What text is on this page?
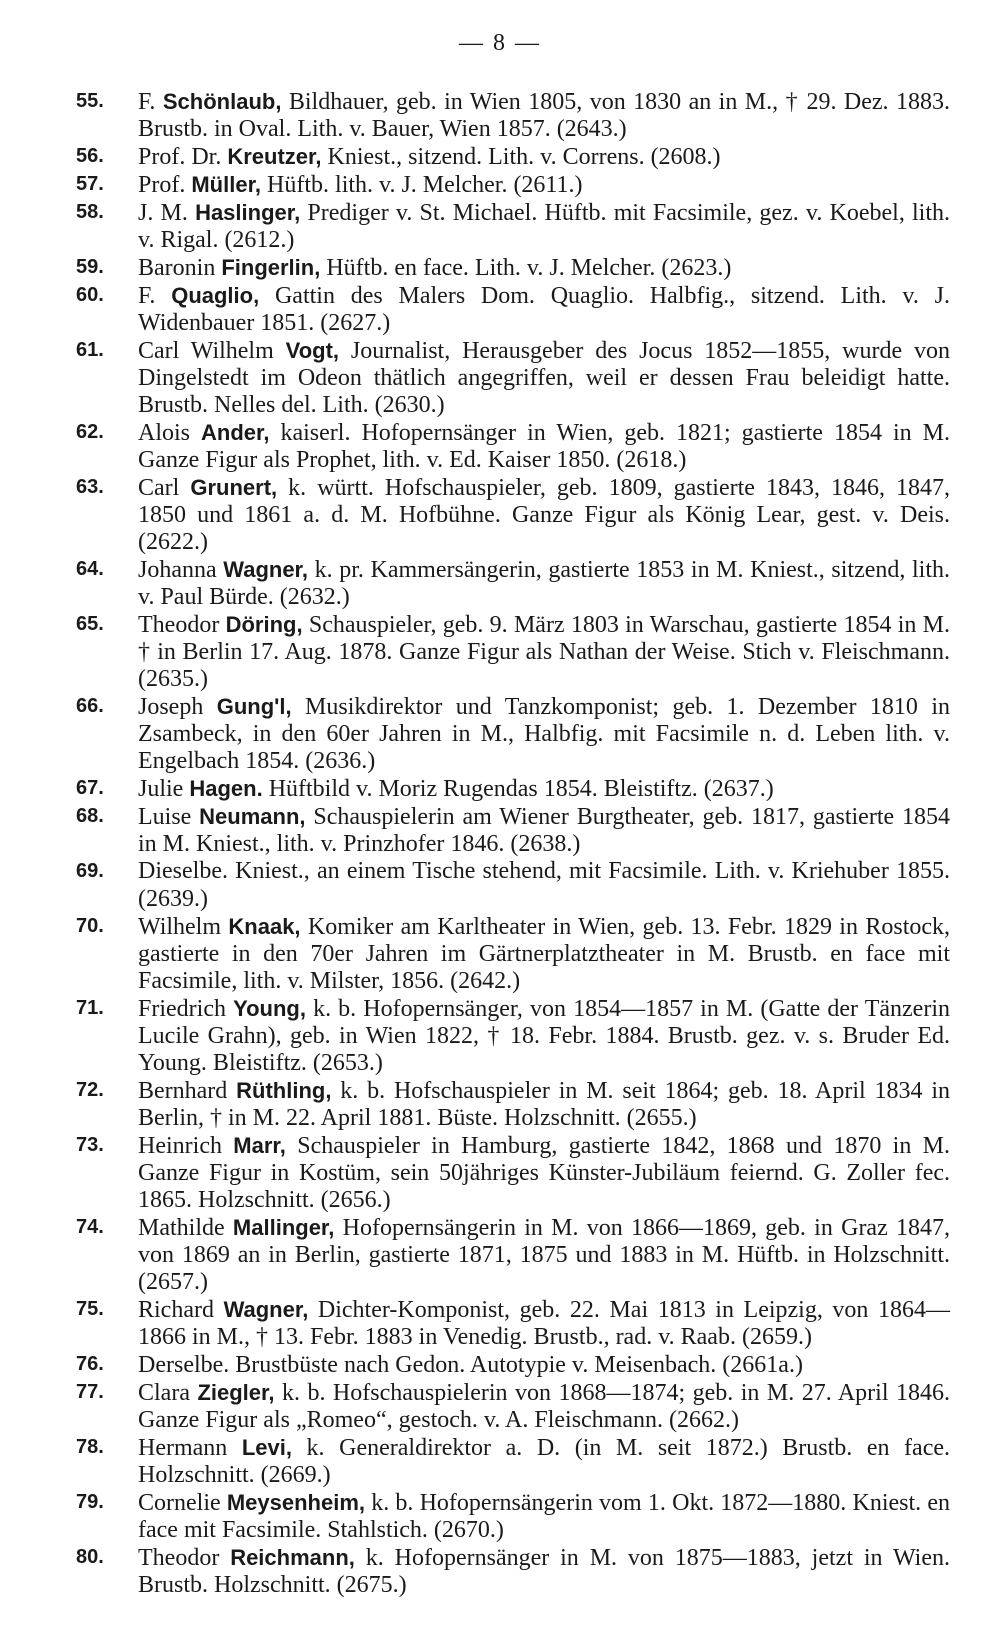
— 8 —
55. F. Schönlaub, Bildhauer, geb. in Wien 1805, von 1830 an in M., † 29. Dez. 1883. Brustb. in Oval. Lith. v. Bauer, Wien 1857. (2643.)
56. Prof. Dr. Kreutzer, Kniest., sitzend. Lith. v. Correns. (2608.)
57. Prof. Müller, Hüftb. lith. v. J. Melcher. (2611.)
58. J. M. Haslinger, Prediger v. St. Michael. Hüftb. mit Facsimile, gez. v. Koebel, lith. v. Rigal. (2612.)
59. Baronin Fingerlin, Hüftb. en face. Lith. v. J. Melcher. (2623.)
60. F. Quaglio, Gattin des Malers Dom. Quaglio. Halbfig., sitzend. Lith. v. J. Widenbauer 1851. (2627.)
61. Carl Wilhelm Vogt, Journalist, Herausgeber des Jocus 1852—1855, wurde von Dingelstedt im Odeon thätlich angegriffen, weil er dessen Frau beleidigt hatte. Brustb. Nelles del. Lith. (2630.)
62. Alois Ander, kaiserl. Hofopernsänger in Wien, geb. 1821; gastierte 1854 in M. Ganze Figur als Prophet, lith. v. Ed. Kaiser 1850. (2618.)
63. Carl Grunert, k. württ. Hofschauspieler, geb. 1809, gastierte 1843, 1846, 1847, 1850 und 1861 a. d. M. Hofbühne. Ganze Figur als König Lear, gest. v. Deis. (2622.)
64. Johanna Wagner, k. pr. Kammersängerin, gastierte 1853 in M. Kniest., sitzend, lith. v. Paul Bürde. (2632.)
65. Theodor Döring, Schauspieler, geb. 9. März 1803 in Warschau, gastierte 1854 in M. † in Berlin 17. Aug. 1878. Ganze Figur als Nathan der Weise. Stich v. Fleischmann. (2635.)
66. Joseph Gung'l, Musikdirektor und Tanzkomponist; geb. 1. Dezember 1810 in Zsambeck, in den 60er Jahren in M., Halbfig. mit Facsimile n. d. Leben lith. v. Engelbach 1854. (2636.)
67. Julie Hagen. Hüftbild v. Moriz Rugendas 1854. Bleistiftz. (2637.)
68. Luise Neumann, Schauspielerin am Wiener Burgtheater, geb. 1817, gastierte 1854 in M. Kniest., lith. v. Prinzhofer 1846. (2638.)
69. Dieselbe. Kniest., an einem Tische stehend, mit Facsimile. Lith. v. Kriehuber 1855. (2639.)
70. Wilhelm Knaak, Komiker am Karltheater in Wien, geb. 13. Febr. 1829 in Rostock, gastierte in den 70er Jahren im Gärtnerplatztheater in M. Brustb. en face mit Facsimile, lith. v. Milster, 1856. (2642.)
71. Friedrich Young, k. b. Hofopernsänger, von 1854—1857 in M. (Gatte der Tänzerin Lucile Grahn), geb. in Wien 1822, † 18. Febr. 1884. Brustb. gez. v. s. Bruder Ed. Young. Bleistiftz. (2653.)
72. Bernhard Rüthling, k. b. Hofschauspieler in M. seit 1864; geb. 18. April 1834 in Berlin, † in M. 22. April 1881. Büste. Holzschnitt. (2655.)
73. Heinrich Marr, Schauspieler in Hamburg, gastierte 1842, 1868 und 1870 in M. Ganze Figur in Kostüm, sein 50jähriges Künster-Jubiläum feiernd. G. Zoller fec. 1865. Holzschnitt. (2656.)
74. Mathilde Mallinger, Hofopernsängerin in M. von 1866—1869, geb. in Graz 1847, von 1869 an in Berlin, gastierte 1871, 1875 und 1883 in M. Hüftb. in Holzschnitt. (2657.)
75. Richard Wagner, Dichter-Komponist, geb. 22. Mai 1813 in Leipzig, von 1864—1866 in M., † 13. Febr. 1883 in Venedig. Brustb., rad. v. Raab. (2659.)
76. Derselbe. Brustbüste nach Gedon. Autotypie v. Meisenbach. (2661a.)
77. Clara Ziegler, k. b. Hofschauspielerin von 1868—1874; geb. in M. 27. April 1846. Ganze Figur als „Romeo“, gestoch. v. A. Fleischmann. (2662.)
78. Hermann Levi, k. Generaldirektor a. D. (in M. seit 1872.) Brustb. en face. Holzschnitt. (2669.)
79. Cornelie Meysenheim, k. b. Hofopernsängerin vom 1. Okt. 1872—1880. Kniest. en face mit Facsimile. Stahlstich. (2670.)
80. Theodor Reichmann, k. Hofopernsänger in M. von 1875—1883, jetzt in Wien. Brustb. Holzschnitt. (2675.)
